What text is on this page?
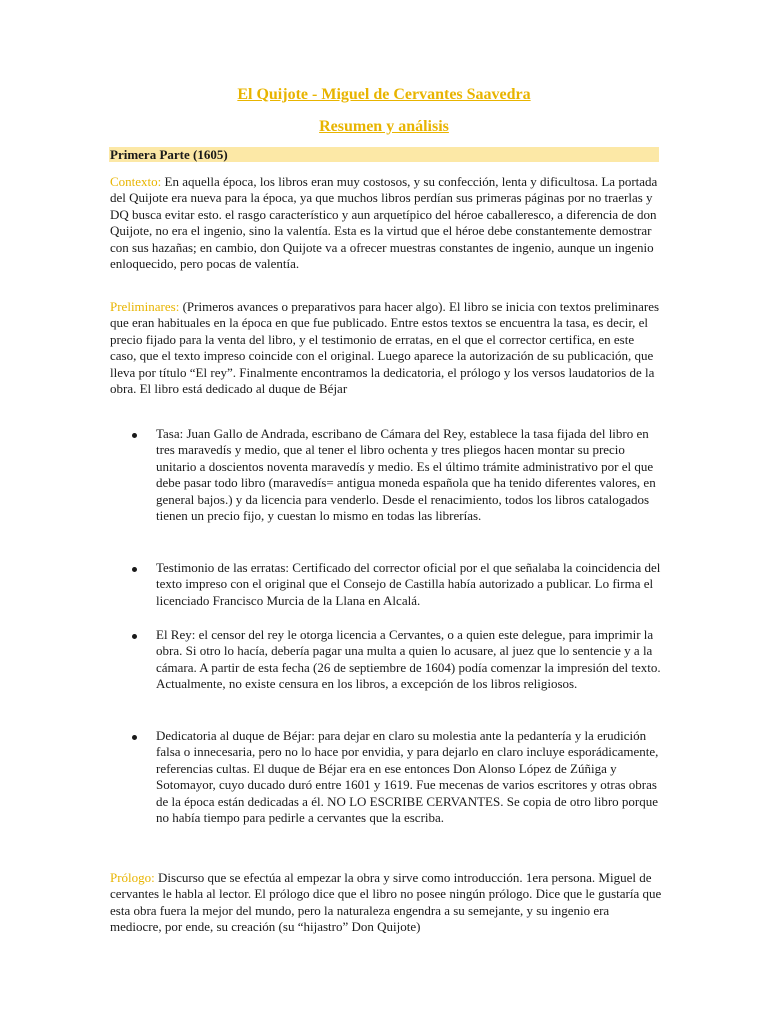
El Quijote - Miguel de Cervantes Saavedra
Resumen y análisis
Primera Parte (1605)
Contexto: En aquella época, los libros eran muy costosos, y su confección, lenta y dificultosa. La portada del Quijote era nueva para la época, ya que muchos libros perdían sus primeras páginas por no traerlas y DQ busca evitar esto. el rasgo característico y aun arquetípico del héroe caballeresco, a diferencia de don Quijote, no era el ingenio, sino la valentía. Esta es la virtud que el héroe debe constantemente demostrar con sus hazañas; en cambio, don Quijote va a ofrecer muestras constantes de ingenio, aunque un ingenio enloquecido, pero pocas de valentía.
Preliminares: (Primeros avances o preparativos para hacer algo). El libro se inicia con textos preliminares que eran habituales en la época en que fue publicado. Entre estos textos se encuentra la tasa, es decir, el precio fijado para la venta del libro, y el testimonio de erratas, en el que el corrector certifica, en este caso, que el texto impreso coincide con el original. Luego aparece la autorización de su publicación, que lleva por título “El rey”. Finalmente encontramos la dedicatoria, el prólogo y los versos laudatorios de la obra. El libro está dedicado al duque de Béjar
Tasa: Juan Gallo de Andrada, escribano de Cámara del Rey, establece la tasa fijada del libro en tres maravedís y medio, que al tener el libro ochenta y tres pliegos hacen montar su precio unitario a doscientos noventa maravedís y medio. Es el último trámite administrativo por el que debe pasar todo libro (maravedís= antigua moneda española que ha tenido diferentes valores, en general bajos.) y da licencia para venderlo. Desde el renacimiento, todos los libros catalogados tienen un precio fijo, y cuestan lo mismo en todas las librerías.
Testimonio de las erratas: Certificado del corrector oficial por el que señalaba la coincidencia del texto impreso con el original que el Consejo de Castilla había autorizado a publicar. Lo firma el licenciado Francisco Murcia de la Llana en Alcalá.
El Rey: el censor del rey le otorga licencia a Cervantes, o a quien este delegue, para imprimir la obra. Si otro lo hacía, debería pagar una multa a quien lo acusare, al juez que lo sentencie y a la cámara. A partir de esta fecha (26 de septiembre de 1604) podía comenzar la impresión del texto. Actualmente, no existe censura en los libros, a excepción de los libros religiosos.
Dedicatoria al duque de Béjar: para dejar en claro su molestia ante la pedantería y la erudición falsa o innecesaria, pero no lo hace por envidia, y para dejarlo en claro incluye esporádicamente, referencias cultas. El duque de Béjar era en ese entonces Don Alonso López de Zúñiga y Sotomayor, cuyo ducado duró entre 1601 y 1619. Fue mecenas de varios escritores y otras obras de la época están dedicadas a él. NO LO ESCRIBE CERVANTES. Se copia de otro libro porque no había tiempo para pedirle a cervantes que la escriba.
Prólogo: Discurso que se efectúa al empezar la obra y sirve como introducción. 1era persona. Miguel de cervantes le habla al lector. El prólogo dice que el libro no posee ningún prólogo. Dice que le gustaría que esta obra fuera la mejor del mundo, pero la naturaleza engendra a su semejante, y su ingenio era mediocre, por ende, su creación (su “hijastro” Don Quijote)
